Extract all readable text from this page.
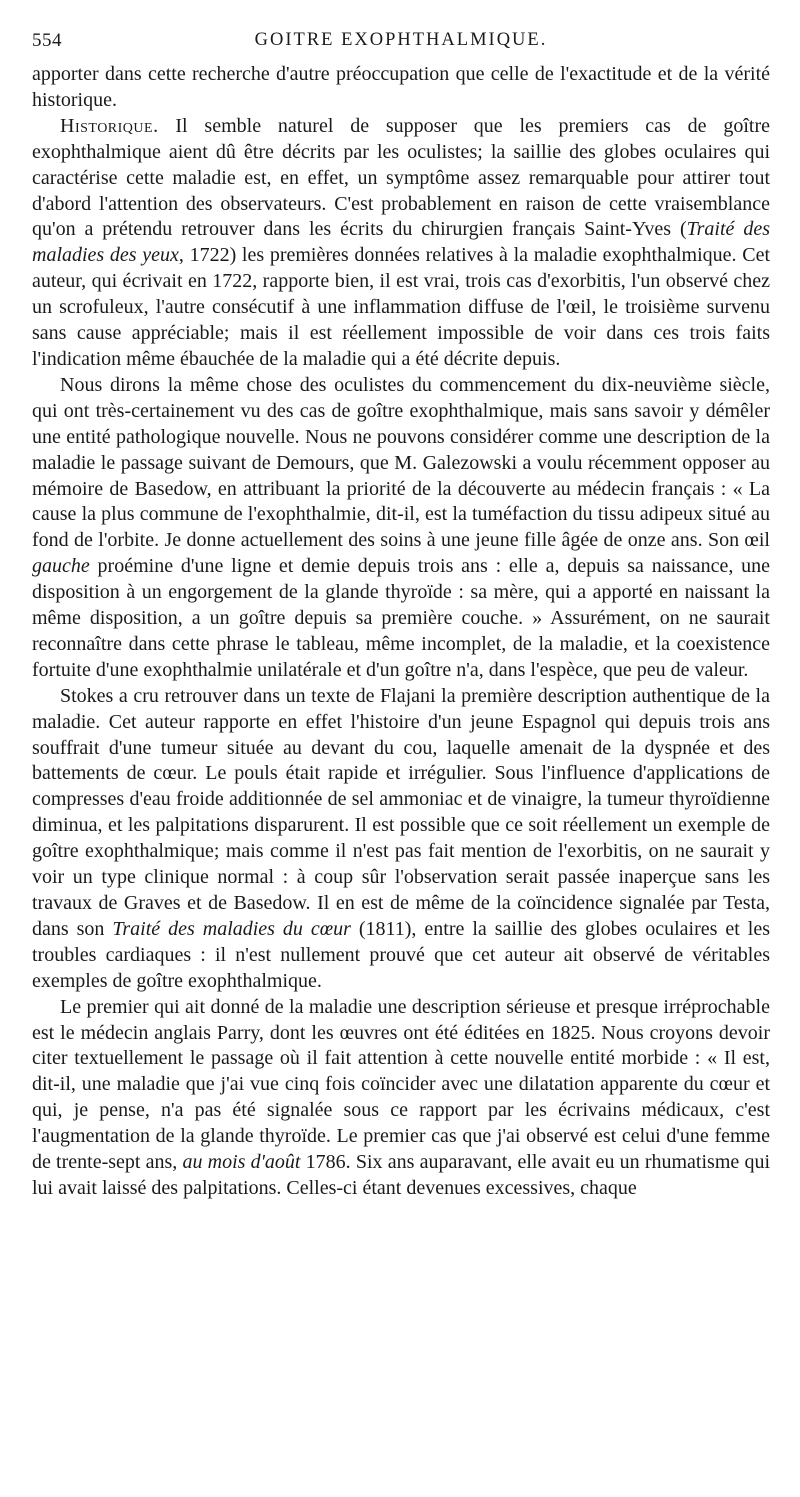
554	GOITRE EXOPHTHALMIQUE.

apporter dans cette recherche d'autre préoccupation que celle de l'exactitude et de la vérité historique.

Historique. Il semble naturel de supposer que les premiers cas de goître exophthalmique aient dû être décrits par les oculistes; la saillie des globes oculaires qui caractérise cette maladie est, en effet, un symptôme assez remarquable pour attirer tout d'abord l'attention des observateurs. C'est probablement en raison de cette vraisemblance qu'on a prétendu retrouver dans les écrits du chirurgien français Saint-Yves (Traité des maladies des yeux, 1722) les premières données relatives à la maladie exophthalmique. Cet auteur, qui écrivait en 1722, rapporte bien, il est vrai, trois cas d'exorbitis, l'un observé chez un scrofuleux, l'autre consécutif à une inflammation diffuse de l'œil, le troisième survenu sans cause appréciable; mais il est réellement impossible de voir dans ces trois faits l'indication même ébauchée de la maladie qui a été décrite depuis.

Nous dirons la même chose des oculistes du commencement du dix-neuvième siècle, qui ont très-certainement vu des cas de goître exophthalmique, mais sans savoir y démêler une entité pathologique nouvelle. Nous ne pouvons considérer comme une description de la maladie le passage suivant de Demours, que M. Galezowski a voulu récemment opposer au mémoire de Basedow, en attribuant la priorité de la découverte au médecin français : « La cause la plus commune de l'exophthalmie, dit-il, est la tuméfaction du tissu adipeux situé au fond de l'orbite. Je donne actuellement des soins à une jeune fille âgée de onze ans. Son œil gauche proémine d'une ligne et demie depuis trois ans : elle a, depuis sa naissance, une disposition à un engorgement de la glande thyroïde : sa mère, qui a apporté en naissant la même disposition, a un goître depuis sa première couche. » Assurément, on ne saurait reconnaître dans cette phrase le tableau, même incomplet, de la maladie, et la coexistence fortuite d'une exophthalmie unilatérale et d'un goître n'a, dans l'espèce, que peu de valeur.

Stokes a cru retrouver dans un texte de Flajani la première description authentique de la maladie. Cet auteur rapporte en effet l'histoire d'un jeune Espagnol qui depuis trois ans souffrait d'une tumeur située au devant du cou, laquelle amenait de la dyspnée et des battements de cœur. Le pouls était rapide et irrégulier. Sous l'influence d'applications de compresses d'eau froide additionnée de sel ammoniac et de vinaigre, la tumeur thyroïdienne diminua, et les palpitations disparurent. Il est possible que ce soit réellement un exemple de goître exophthalmique; mais comme il n'est pas fait mention de l'exorbitis, on ne saurait y voir un type clinique normal : à coup sûr l'observation serait passée inaperçue sans les travaux de Graves et de Basedow. Il en est de même de la coïncidence signalée par Testa, dans son Traité des maladies du cœur (1811), entre la saillie des globes oculaires et les troubles cardiaques : il n'est nullement prouvé que cet auteur ait observé de véritables exemples de goître exophthalmique.

Le premier qui ait donné de la maladie une description sérieuse et presque irréprochable est le médecin anglais Parry, dont les œuvres ont été éditées en 1825. Nous croyons devoir citer textuellement le passage où il fait attention à cette nouvelle entité morbide : « Il est, dit-il, une maladie que j'ai vue cinq fois coïncider avec une dilatation apparente du cœur et qui, je pense, n'a pas été signalée sous ce rapport par les écrivains médicaux, c'est l'augmentation de la glande thyroïde. Le premier cas que j'ai observé est celui d'une femme de trente-sept ans, au mois d'août 1786. Six ans auparavant, elle avait eu un rhumatisme qui lui avait laissé des palpitations. Celles-ci étant devenues excessives, chaque
